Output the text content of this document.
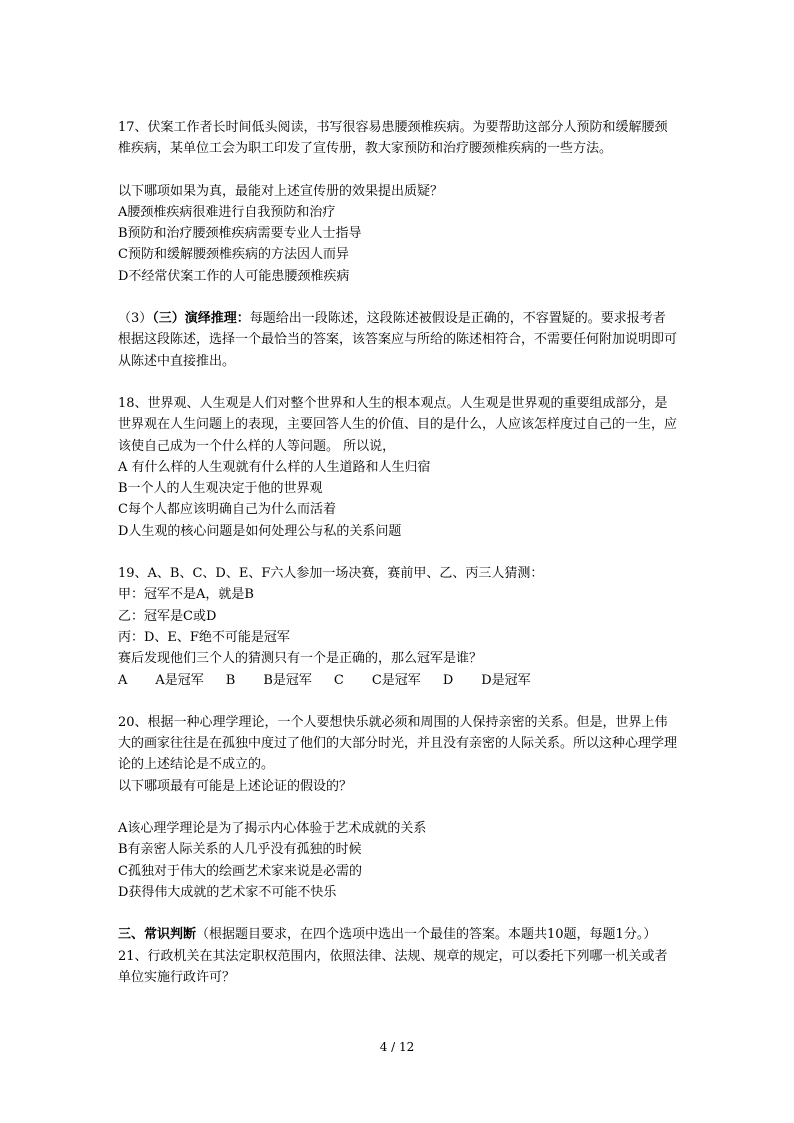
17、伏案工作者长时间低头阅读，书写很容易患腰颈椎疾病。为要帮助这部分人预防和缓解腰颈椎疾病，某单位工会为职工印发了宣传册，教大家预防和治疗腰颈椎疾病的一些方法。

以下哪项如果为真，最能对上述宣传册的效果提出质疑？

A腰颈椎疾病很难进行自我预防和治疗

B预防和治疗腰颈椎疾病需要专业人士指导

C预防和缓解腰颈椎疾病的方法因人而异

D不经常伏案工作的人可能患腰颈椎疾病

（3）（三）演绎推理：每题给出一段陈述，这段陈述被假设是正确的，不容置疑的。要求报考者根据这段陈述，选择一个最恰当的答案，该答案应与所给的陈述相符合，不需要任何附加说明即可从陈述中直接推出。

18、世界观、人生观是人们对整个世界和人生的根本观点。人生观是世界观的重要组成部分，是世界观在人生问题上的表现，主要回答人生的价值、目的是什么，人应该怎样度过自己的一生，应该使自己成为一个什么样的人等问题。 所以说，

A 有什么样的人生观就有什么样的人生道路和人生归宿

B一个人的人生观决定于他的世界观

C每个人都应该明确自己为什么而活着

D人生观的核心问题是如何处理公与私的关系问题

19、A、B、C、D、E、F六人参加一场决赛，赛前甲、乙、丙三人猜测：

甲：冠军不是A，就是B

乙：冠军是C或D

丙：D、E、F绝不可能是冠军

赛后发现他们三个人的猜测只有一个是正确的，那么冠军是谁？

A A是冠军 B B是冠军 C C是冠军 D D是冠军

20、根据一种心理学理论，一个人要想快乐就必须和周围的人保持亲密的关系。但是，世界上伟大的画家往往是在孤独中度过了他们的大部分时光，并且没有亲密的人际关系。所以这种心理学理论的上述结论是不成立的。

以下哪项最有可能是上述论证的假设的？

A该心理学理论是为了揭示内心体验于艺术成就的关系

B有亲密人际关系的人几乎没有孤独的时候

C孤独对于伟大的绘画艺术家来说是必需的

D获得伟大成就的艺术家不可能不快乐

三、常识判断（根据题目要求，在四个选项中选出一个最佳的答案。本题共10题，每题1分。）

21、行政机关在其法定职权范围内，依照法律、法规、规章的规定，可以委托下列哪一机关或者单位实施行政许可？

4 / 12
